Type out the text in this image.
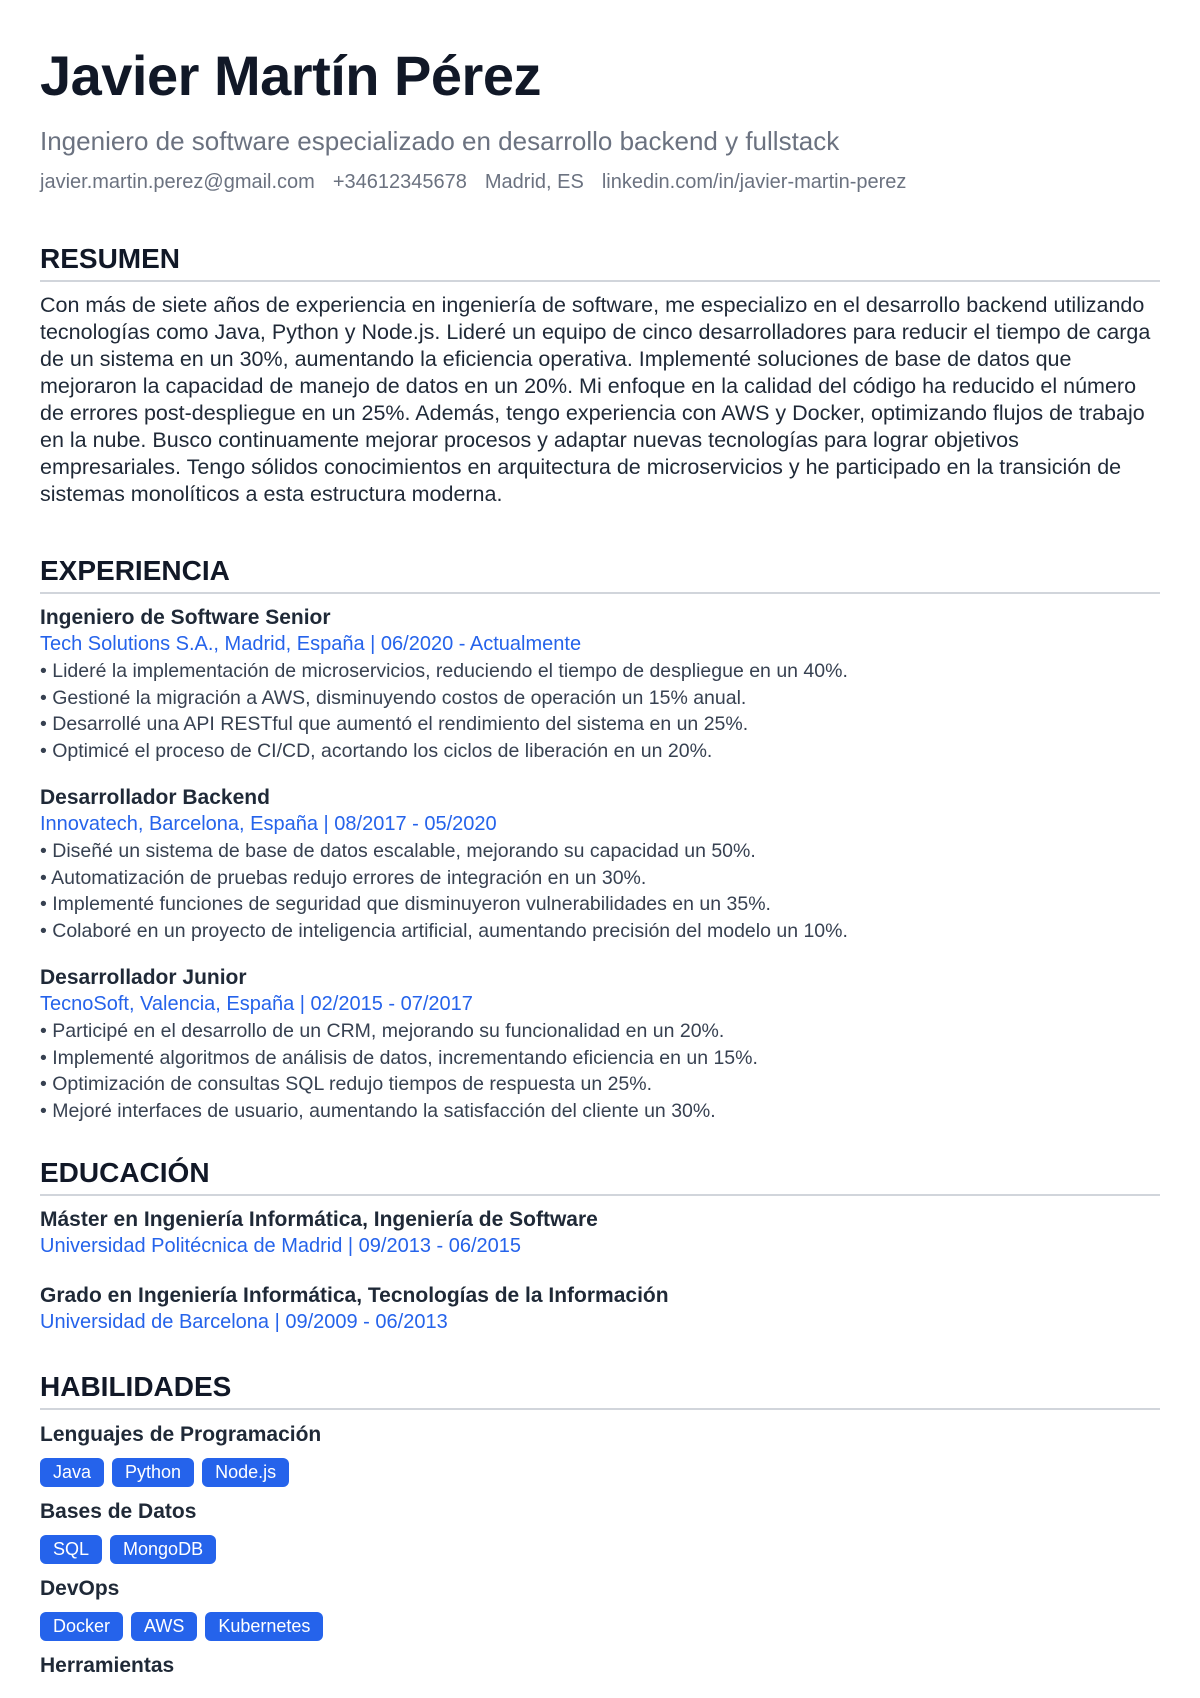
Javier Martín Pérez
Ingeniero de software especializado en desarrollo backend y fullstack
javier.martin.perez@gmail.com +34612345678 Madrid, ES linkedin.com/in/javier-martin-perez
RESUMEN

Con más de siete años de experiencia en ingeniería de software, me especializo en el desarrollo backend utilizando tecnologías como Java, Python y Node.js. Lideré un equipo de cinco desarrolladores para reducir el tiempo de carga de un sistema en un 30%, aumentando la eficiencia operativa. Implementé soluciones de base de datos que mejoraron la capacidad de manejo de datos en un 20%. Mi enfoque en la calidad del código ha reducido el número de errores post-despliegue en un 25%. Además, tengo experiencia con AWS y Docker, optimizando flujos de trabajo en la nube. Busco continuamente mejorar procesos y adaptar nuevas tecnologías para lograr objetivos empresariales. Tengo sólidos conocimientos en arquitectura de microservicios y he participado en la transición de sistemas monolíticos a esta estructura moderna.

EXPERIENCIA
Ingeniero de Software Senior
Tech Solutions S.A., Madrid, España | 06/2020 - Actualmente
• Lideré la implementación de microservicios, reduciendo el tiempo de despliegue en un 40%.
• Gestioné la migración a AWS, disminuyendo costos de operación un 15% anual.
• Desarrollé una API RESTful que aumentó el rendimiento del sistema en un 25%.
• Optimicé el proceso de CI/CD, acortando los ciclos de liberación en un 20%.
Desarrollador Backend
Innovatech, Barcelona, España | 08/2017 - 05/2020
• Diseñé un sistema de base de datos escalable, mejorando su capacidad un 50%.
• Automatización de pruebas redujo errores de integración en un 30%.
• Implementé funciones de seguridad que disminuyeron vulnerabilidades en un 35%.
• Colaboré en un proyecto de inteligencia artificial, aumentando precisión del modelo un 10%.
Desarrollador Junior
TecnoSoft, Valencia, España | 02/2015 - 07/2017
• Participé en el desarrollo de un CRM, mejorando su funcionalidad en un 20%.
• Implementé algoritmos de análisis de datos, incrementando eficiencia en un 15%.
• Optimización de consultas SQL redujo tiempos de respuesta un 25%.
• Mejoré interfaces de usuario, aumentando la satisfacción del cliente un 30%.
EDUCACIÓN
Máster en Ingeniería Informática, Ingeniería de Software
Universidad Politécnica de Madrid | 09/2013 - 06/2015
Grado en Ingeniería Informática, Tecnologías de la Información
Universidad de Barcelona | 09/2009 - 06/2013
HABILIDADES
Lenguajes de Programación
Java	Python	Node.js
Bases de Datos
SQL	MongoDB
DevOps
Docker	AWS	Kubernetes
Herramientas
